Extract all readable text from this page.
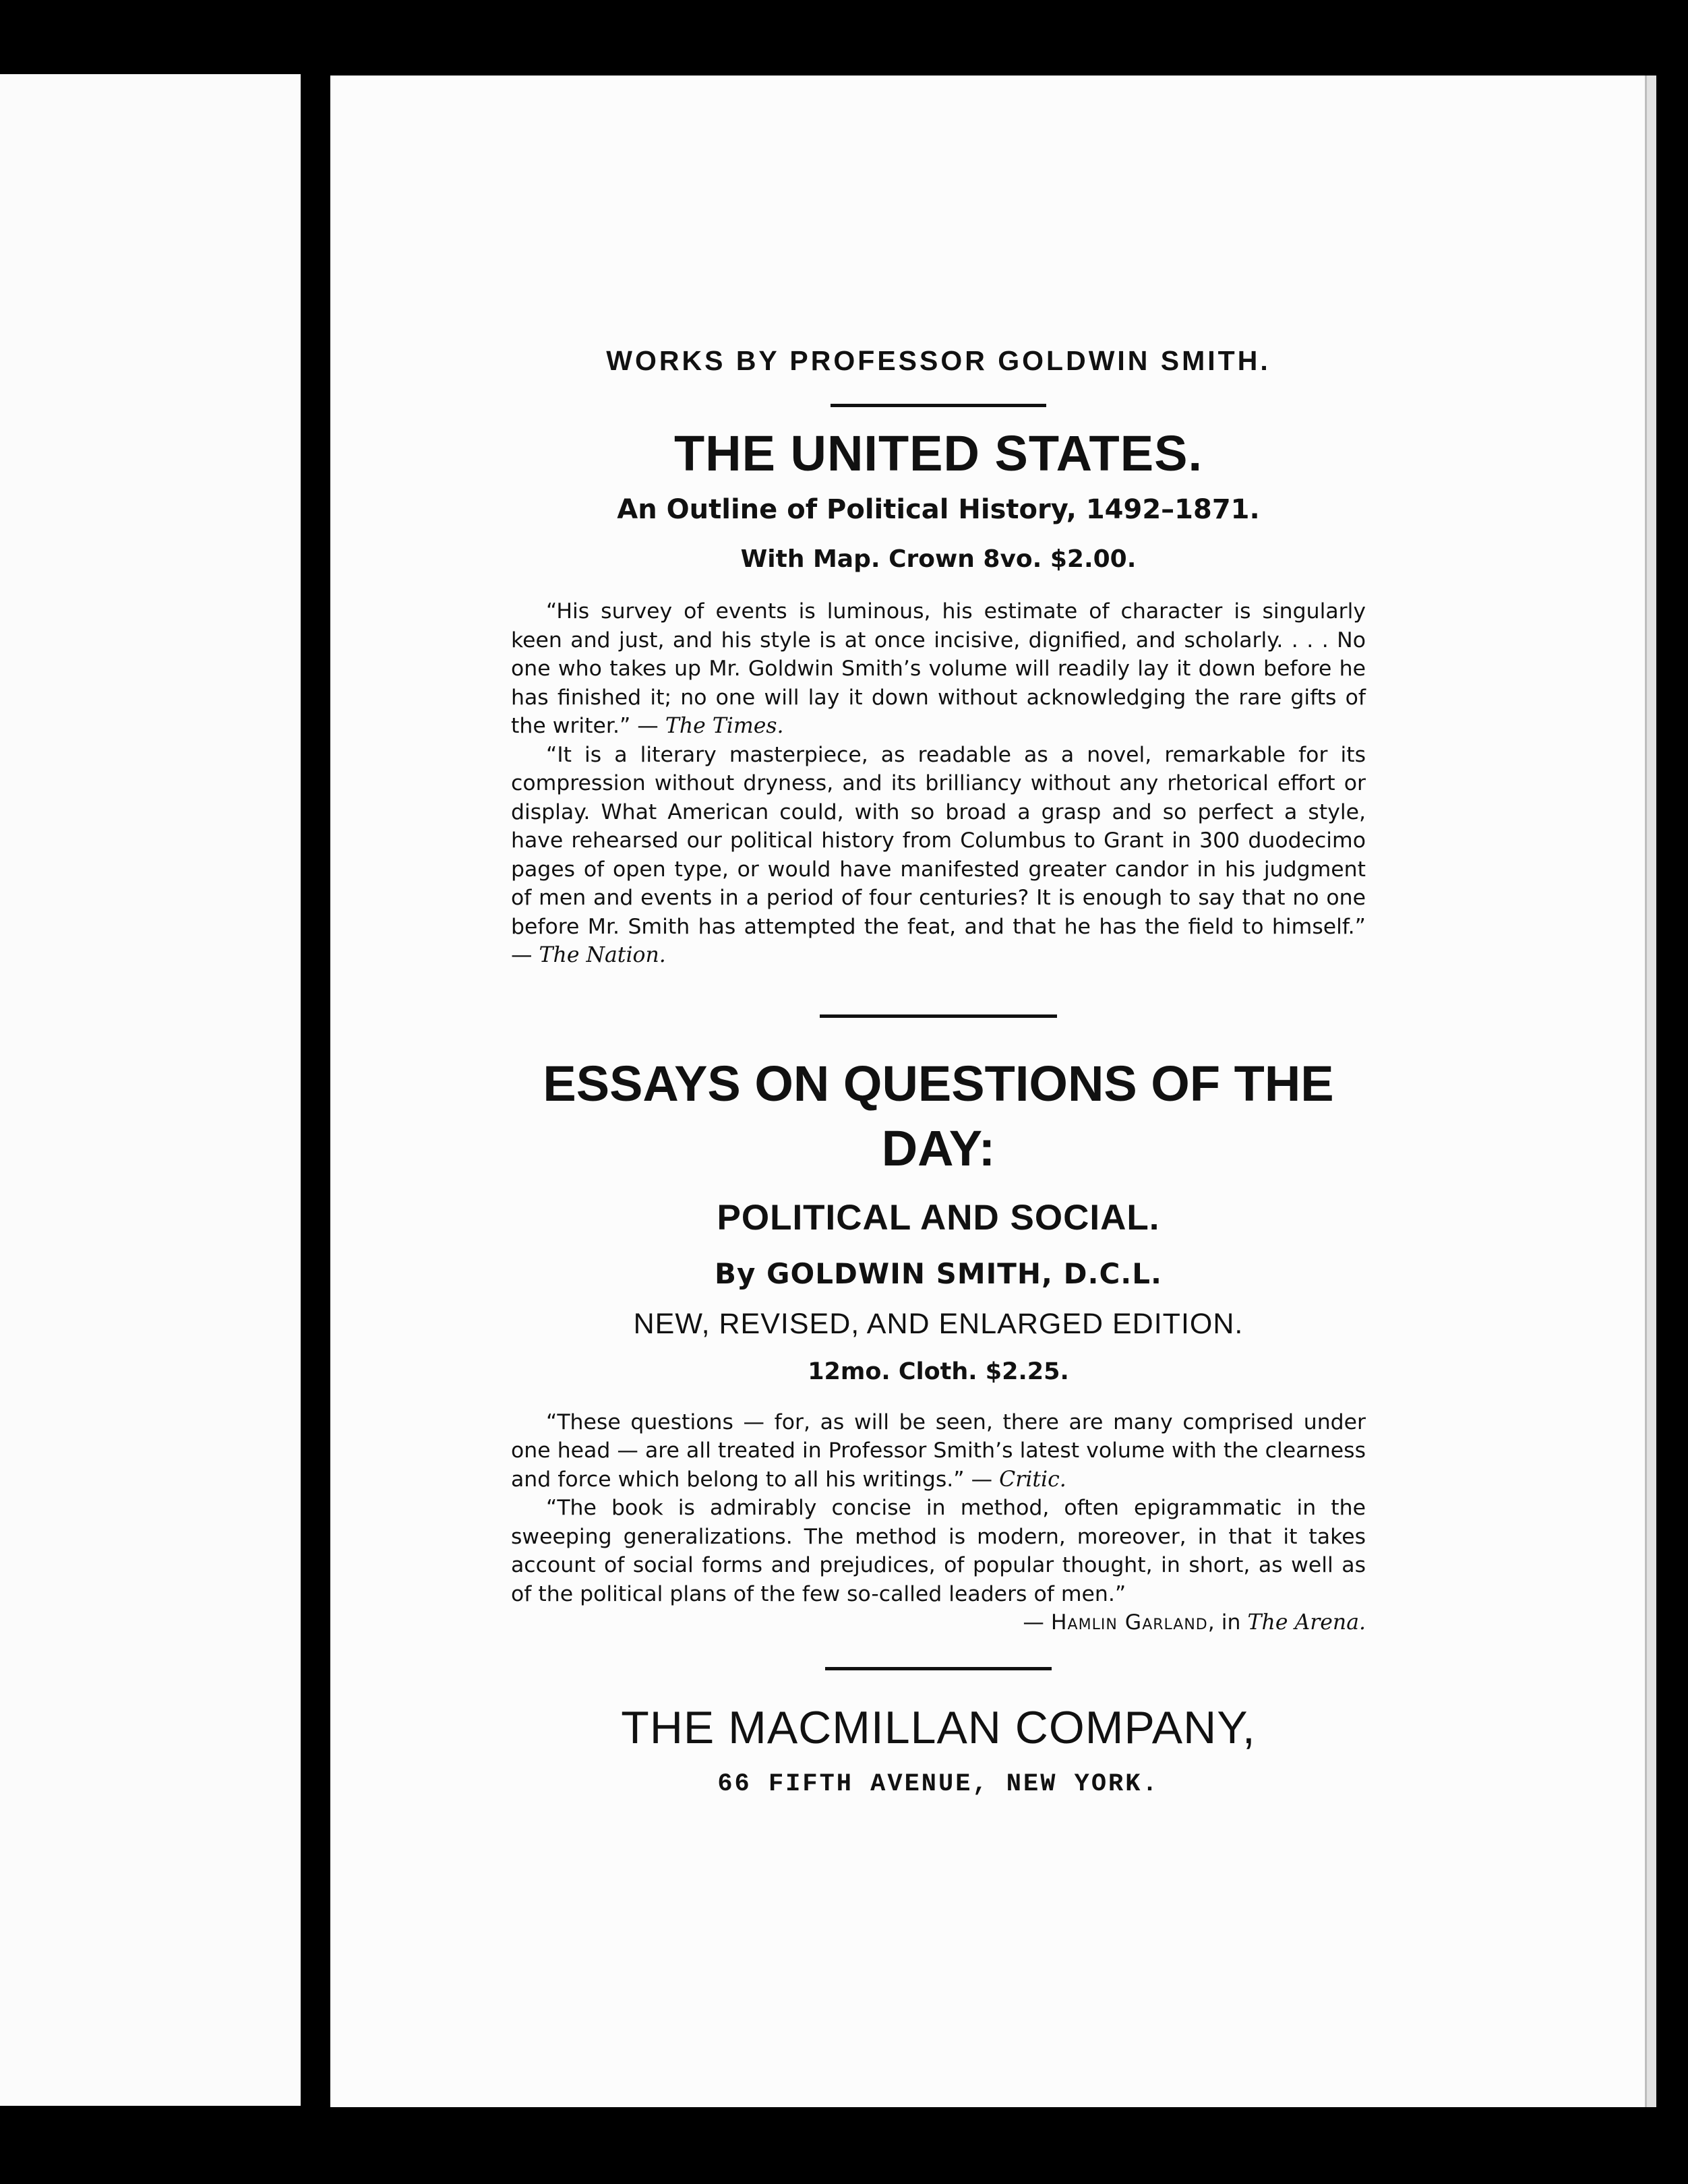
WORKS BY PROFESSOR GOLDWIN SMITH.

THE UNITED STATES.

An Outline of Political History, 1492–1871.

With Map. Crown 8vo. $2.00.

“His survey of events is luminous, his estimate of character is singularly keen and just, and his style is at once incisive, dignified, and scholarly. . . . No one who takes up Mr. Goldwin Smith’s volume will readily lay it down before he has finished it; no one will lay it down without acknowledging the rare gifts of the writer.” — The Times.

“It is a literary masterpiece, as readable as a novel, remarkable for its compression without dryness, and its brilliancy without any rhetorical effort or display. What American could, with so broad a grasp and so perfect a style, have rehearsed our political history from Columbus to Grant in 300 duodecimo pages of open type, or would have manifested greater candor in his judgment of men and events in a period of four centuries? It is enough to say that no one before Mr. Smith has attempted the feat, and that he has the field to himself.” — The Nation.

ESSAYS ON QUESTIONS OF THE
DAY:

POLITICAL AND SOCIAL.

By GOLDWIN SMITH, D.C.L.

NEW, REVISED, AND ENLARGED EDITION.

12mo. Cloth. $2.25.

“These questions — for, as will be seen, there are many comprised under one head — are all treated in Professor Smith’s latest volume with the clearness and force which belong to all his writings.” — Critic.

“The book is admirably concise in method, often epigrammatic in the sweeping generalizations. The method is modern, moreover, in that it takes account of social forms and prejudices, of popular thought, in short, as well as of the political plans of the few so-called leaders of men.”

— Hamlin Garland, in The Arena.

THE MACMILLAN COMPANY,

66 FIFTH AVENUE, NEW YORK.
